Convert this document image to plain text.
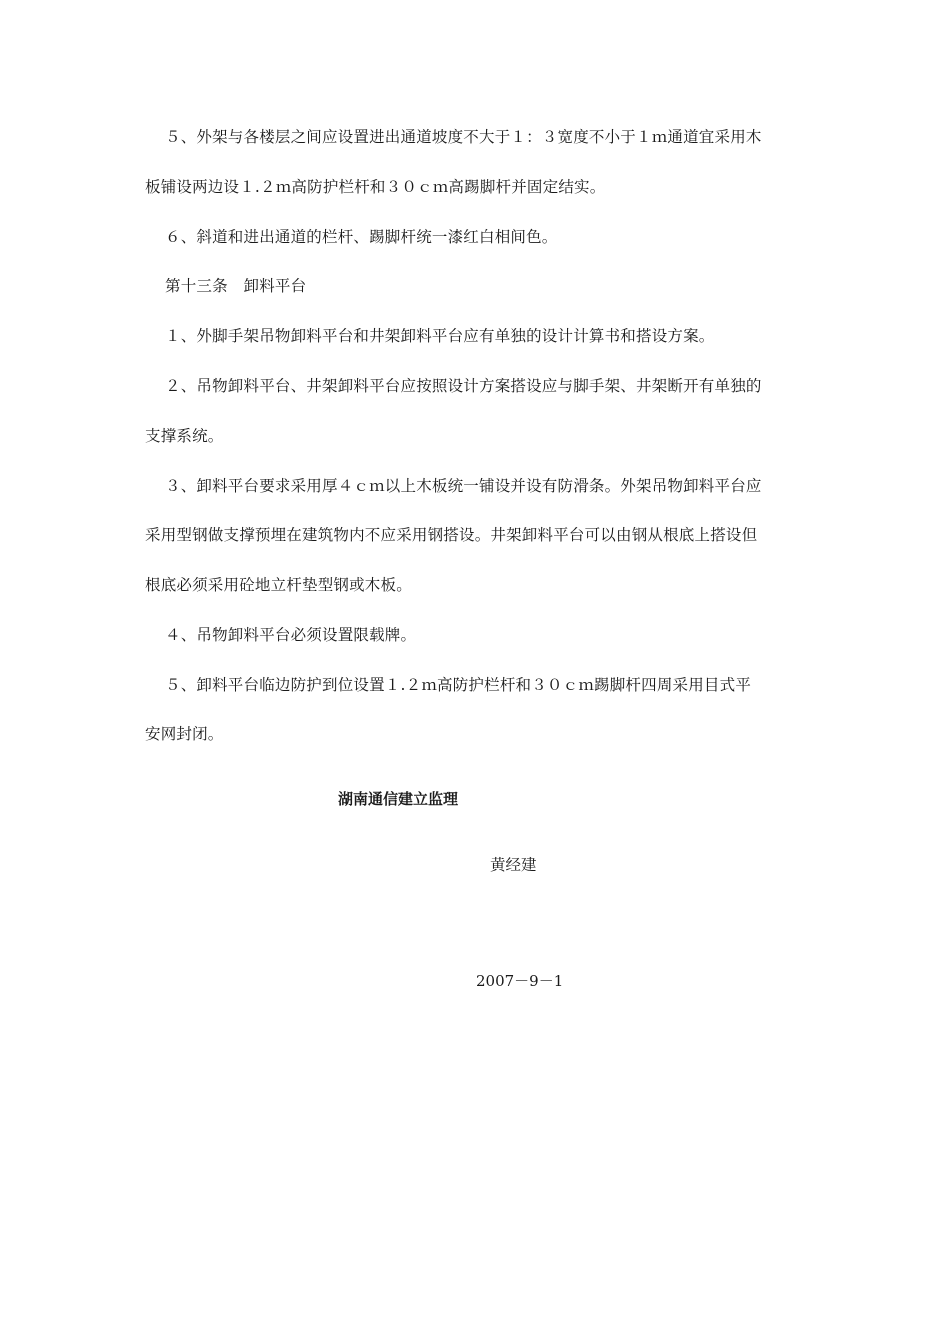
５、外架与各楼层之间应设置进出通道坡度不大于１：３宽度不小于１ｍ通道宜采用木
板铺设两边设１.２ｍ高防护栏杆和３０ｃｍ高踢脚杆并固定结实。
６、斜道和进出通道的栏杆、踢脚杆统一漆红白相间色。
第十三条　卸料平台
１、外脚手架吊物卸料平台和井架卸料平台应有单独的设计计算书和搭设方案。
２、吊物卸料平台、井架卸料平台应按照设计方案搭设应与脚手架、井架断开有单独的
支撑系统。
３、卸料平台要求采用厚４ｃｍ以上木板统一铺设并设有防滑条。外架吊物卸料平台应
采用型钢做支撑预埋在建筑物内不应采用钢搭设。井架卸料平台可以由钢从根底上搭设但
根底必须采用砼地立杆垫型钢或木板。
４、吊物卸料平台必须设置限载牌。
５、卸料平台临边防护到位设置１.２ｍ高防护栏杆和３０ｃｍ踢脚杆四周采用目式平
安网封闭。
湖南通信建立监理
黄经建
2007－9－1
